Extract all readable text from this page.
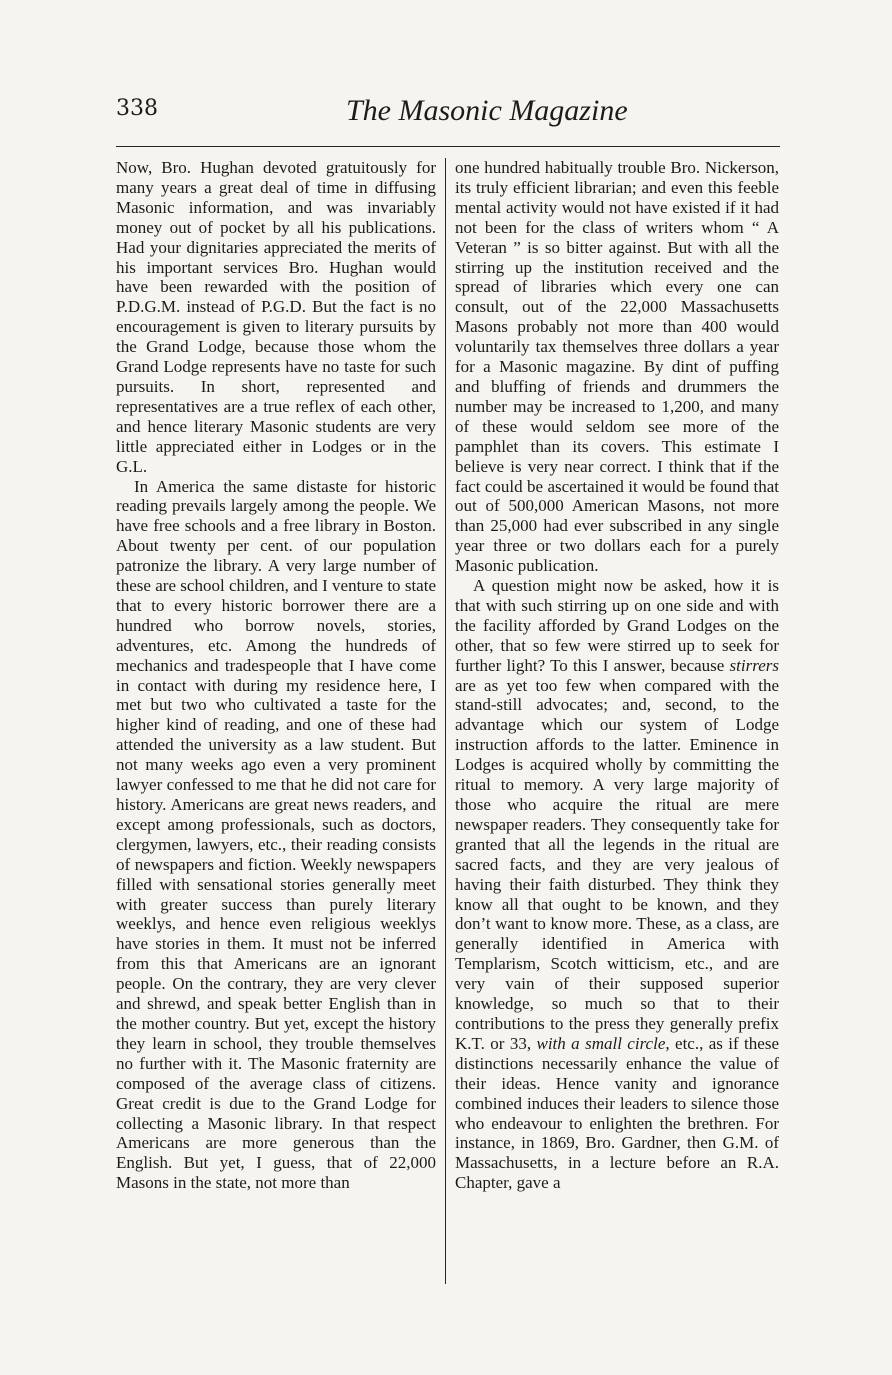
338	The Masonic Magazine

Now, Bro. Hughan devoted gratuitously for many years a great deal of time in diffusing Masonic information, and was invariably money out of pocket by all his publications. Had your dignitaries appreciated the merits of his important services Bro. Hughan would have been rewarded with the position of P.D.G.M. instead of P.G.D. But the fact is no encouragement is given to literary pursuits by the Grand Lodge, because those whom the Grand Lodge represents have no taste for such pursuits. In short, represented and representatives are a true reflex of each other, and hence literary Masonic students are very little appreciated either in Lodges or in the G.L.

In America the same distaste for historic reading prevails largely among the people. We have free schools and a free library in Boston. About twenty per cent. of our population patronize the library. A very large number of these are school children, and I venture to state that to every historic borrower there are a hundred who borrow novels, stories, adventures, etc. Among the hundreds of mechanics and tradespeople that I have come in contact with during my residence here, I met but two who cultivated a taste for the higher kind of reading, and one of these had attended the university as a law student. But not many weeks ago even a very prominent lawyer confessed to me that he did not care for history. Americans are great news readers, and except among professionals, such as doctors, clergymen, lawyers, etc., their reading consists of newspapers and fiction. Weekly newspapers filled with sensational stories generally meet with greater success than purely literary weeklys, and hence even religious weeklys have stories in them. It must not be inferred from this that Americans are an ignorant people. On the contrary, they are very clever and shrewd, and speak better English than in the mother country. But yet, except the history they learn in school, they trouble themselves no further with it. The Masonic fraternity are composed of the average class of citizens. Great credit is due to the Grand Lodge for collecting a Masonic library. In that respect Americans are more generous than the English. But yet, I guess, that of 22,000 Masons in the state, not more than

one hundred habitually trouble Bro. Nickerson, its truly efficient librarian; and even this feeble mental activity would not have existed if it had not been for the class of writers whom “ A Veteran ” is so bitter against. But with all the stirring up the institution received and the spread of libraries which every one can consult, out of the 22,000 Massachusetts Masons probably not more than 400 would voluntarily tax themselves three dollars a year for a Masonic magazine. By dint of puffing and bluffing of friends and drummers the number may be increased to 1,200, and many of these would seldom see more of the pamphlet than its covers. This estimate I believe is very near correct. I think that if the fact could be ascertained it would be found that out of 500,000 American Masons, not more than 25,000 had ever subscribed in any single year three or two dollars each for a purely Masonic publication.

A question might now be asked, how it is that with such stirring up on one side and with the facility afforded by Grand Lodges on the other, that so few were stirred up to seek for further light? To this I answer, because stirrers are as yet too few when compared with the stand-still advocates; and, second, to the advantage which our system of Lodge instruction affords to the latter. Eminence in Lodges is acquired wholly by committing the ritual to memory. A very large majority of those who acquire the ritual are mere newspaper readers. They consequently take for granted that all the legends in the ritual are sacred facts, and they are very jealous of having their faith disturbed. They think they know all that ought to be known, and they don’t want to know more. These, as a class, are generally identified in America with Templarism, Scotch witticism, etc., and are very vain of their supposed superior knowledge, so much so that to their contributions to the press they generally prefix K.T. or 33, with a small circle, etc., as if these distinctions necessarily enhance the value of their ideas. Hence vanity and ignorance combined induces their leaders to silence those who endeavour to enlighten the brethren. For instance, in 1869, Bro. Gardner, then G.M. of Massachusetts, in a lecture before an R.A. Chapter, gave a
